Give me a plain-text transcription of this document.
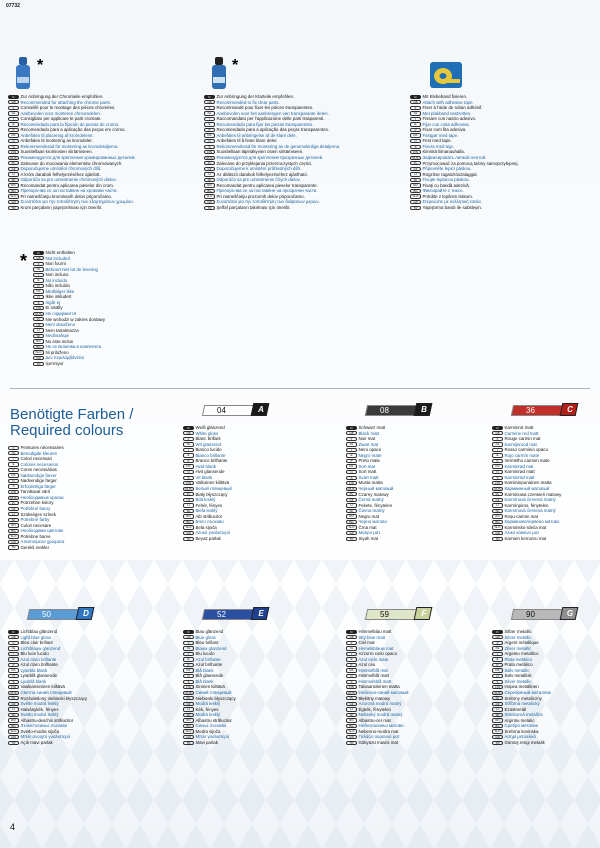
07732
*
D	Zur Anbringung der Chromteile empfohlen.
GB	Recommended for attaching the chrome parts.
F	Conseillé pour le montage des pièces chromées.
NL	Aanbevolen voor monteren chroomdelen.
I	Consigliato per applicare le parti cromate.
E	Recomendado para la fijación de piezas de cromo.
P	Recomendado para a aplicação das peças em cromo.
DK	Anbefales til placering af kromdelene.
N	Anbefales til montering av kromdeler.
S	Rekommenderad för montering av kromdetaljerna.
FIN	Suositellaan kromiosien siirtämiseen.
RUS Рекомендуется для крепления хромированных деталей.
PL	Zalecane do mocowania elementów chromowanych.
CZ	Doporučujeme umístění chromových dílů.
H	A króm darabok felhelyezéséhez ajánlott.
SK	Odporúča sa pre umiestnenie chrómových dielov.
RO	Recomandat pentru aplicarea pieselor din crom.
BG	Препоръчва се за поставяне на хромови части.
SLO Pri nameščanju krominanih delov priporočamo.
GR	Συνιστάται για την τοποθέτηση των εξαρτημάτων χρωμίου.
TR	Krom parçaların yapıştırılması için önerilir.
*
D	Zur Anbringung der Klarteile empfohlen.
GB	Recommended to fix clear parts.
F	Recommandé pour fixer les pièces transparentes.
NL	Aanbevolen voor het aanbrengen van transparante delen.
I	Raccomandato per l'applicazione delle parti trasparenti.
E	Recomendado para fijar las piezas transparentes.
P	Recomendado para a aplicação das peças transparentes.
DK	Anbefales til anbringelse af de klare dele.
N	Anbefales til å feste klare deler.
S	Rekommenderad för montering av de genomskinliga detaljerna.
FIN	Suositellaan läpinäkyvien osien siirtämiseen.
RUS Рекомендуется для крепления прозрачных деталей.
PL	Zalecane do przyklejania przezroczystych części.
CZ	Doporučujeme k umístění průhledných dílů.
H	Az átlátszó darabok felhelyezéséhez ajánlható.
SK	Odporúča sa pre umiestnenie čírych dielov.
RO	Recomandat pentru aplicarea pieselor transparente.
BG	Препоръчва се за поставяне на прозрачни части.
SLO Pri nameščanju prozornih delov priporočamo.
GR	Συνιστάται για την τοποθέτηση των διάφανων μερών.
TR	Şeffaf parçaların takılması için önerilir.
D	Mit Klebeband fixieren.
GB	Attach with adhesive tape.
F	Fixer à l'aide de ruban adhésif.
NL	Met plakband vastzetten.
I	Fissare con nastro adesivo.
E	Fijar con cinta adhesiva.
P	Fixar com fita adesiva.
DK	Fastgør med tape.
N	Fest med tape.
S	Fixera med tejp.
FIN	Kiinnitä liimanauhalla.
RUS Зафиксировать липкой лентой.
PL	Przymocować za pomocą taśmy samoprzylepnej.
CZ	Připevněte lepicí páskou.
H	Rögzítse ragasztószalaggal.
SK	Fixujte lepiacou páskou.
RO	Fixați cu bandă adezivă.
BG	Фиксирайте с тиксо.
SLO Pritrdite z lepilnim trakom.
GR	Στερεώστε με κολλητική ταινία.
TR	Yapıştırma bandı ile sabitleyin.
*	D	Nicht enthalten
GB	Not included
F	Non fourni
NL	Behoort niet tot de levering
I	Non incluso
E	No incluido
P	Não incluído
DK	Medfølger ikke
N	Ikke inkludert
S	Ingår ej
FIN	Ei sisälly
RUS Не содержится
PL	Nie wchodzi w zakres dostawy
CZ	Není obsaženo
H	Nem tartalmazza
SK	Neobsahuje
RO	Nu este inclus
BG	Не се включва в комплекта
SLO Ni priloženo
GR	Δεν περιλαμβάνεται
TR	İçermiyor
Benötigte Farben /
Required colours
F	Peintures nécessaires
NL	Benodigde kleuren
I	Colori necessari
E	Colores necesarios
P	Cores necessárias
DK	Nødvendige farver
N	Nødvendige farger
S	Erforderliga färger
FIN	Tarvittavat värit
RUS Необходимые краски
PL	Potrzebne kolory
CZ	Potřebné barvy
H	Szükséges színek
SK	Potrebné farby
RO	Culori necesare
BG	Необходими цветове
SLO Potrebne barve
GR	Απαιτούμενα χρώματα
TR	Gerekli renkler
04	A
D	Weiß glänzend
GB	White gloss
F	Blanc brillant
NL	Wit glanzend
I	Bianco lucido
E	Blanco brillante
P	Branco brilhante
DK	Hvid blank
N	Hvit glansende
S	Vit blank
FIN	Valkoinen kiiltävä
RUS Белый глянцевый
PL	Biały błyszczący
CZ	Bílá lesklý
H	Fehér, fényes
SK	Biela lesklý
RO	Alb strălucitor
BG	Бяло лъскаво
SLO Bela sijoča
GR	Λευκό γυαλιστερό
TR	Beyaz parlak
08	B
D	Schwarz matt
GB	Black matt
F	Noir mat
NL	Zwart mat
I	Nero opaco
E	Negro mate
P	Preto mate
DK	Sort mat
N	Sort matt
S	Svart matt
FIN	Musta matta
RUS Черный матовый
PL	Czarny matowy
CZ	Černá matný
H	Fekete, fénytelen
SK	Čierna matný
RO	Negru mat
BG	Черно матово
SLO Črna mat
GR	Μαύρο ματ
TR	Siyah mat
36	C
D	Karminrot matt
GB	Carmine red matt
F	Rouge carmin mat
NL	Karmijnrood mat
I	Rosso carminio opaco
E	Rojo carmín mate
P	Vermelho carmim mate
DK	Karminrød mat
N	Karminrød matt
S	Karminröd matt
FIN	Kamiininpunainen matta
RUS Кармиинный матовый
PL	Karminowa czerwień matowy
CZ	Karmínová červená matný
H	Karmínpiros, fénytelen
SK	Karmínová červená matný
RO	Roșu-carmin mat
BG	Карминовочервено матово
SLO Karminsko-rdeča mat
GR	Άλικο κόκκινο ματ
TR	Karmen kırmızısı mat
50	D
D	Lichtblau glänzend
GB	Light blue gloss
F	Bleu clair brillant
NL	Lichtblauw glanzend
I	Blu luce lucido
E	Azul claro brillante
P	Azul claro brilhante
DK	Lysebla blank
N	Lyseblå glansende
S	Ljusblå blank
FIN	Vaaleansininen kiiltävä
RUS Светло-синий глянцевый
PL	Rozświetlony niebieski błyszczący
CZ	Světle modrá lesklý
H	Halványkék, fényes
SK	Svetlo modrá lesklý
RO	Albastru-deschis strălucitor
BG	Лъчистосиньо лъскаво
SLO Svetlo-modra sijoča
GR	Μπλε ανοιχτό γυαλιστερό
TR	Açık mavi parlak
52	E
D	Blau glänzend
GB	Blue gloss
F	Bleu brillant
NL	Blauw glanzend
I	Blu lucido
E	Azul brillante
P	Azul brilhante
DK	Blå blank
N	Blå glansende
S	Blå blank
FIN	Sininen kiiltävä
RUS Синий глянцевый
PL	Niebieski błyszczący
CZ	Modrá lesklý
H	Kék, fényes
SK	Modrá lesklý
RO	Albastru strălucitor
BG	Синьо лъскаво
SLO Modra sijoča
GR	Μπλε γυαλιστερό
TR	Mavi parlak
59	F
D	Himmelblau matt
GB	Sky blue matt
F	Ciel mat
NL	Hemelsblauw mat
I	Azzurro cielo opaco
E	Azul cielo mate
P	Azul céu
DK	Himmelblå mat
N	Himmelblå matt
S	Himmelsblå matt
FIN	Taivaansininen matta
RUS Небесно-синий матовый
PL	Błękitny matowy
CZ	Azurová modrá matný
H	Égkék, fénytelen
SK	Nebeský modrá matný
RO	Albastru-cer mat
BG	Небесносиньо матово
SLO Nebesno-modra mat
GR	Γαλάζιο ουρανού ματ
TR	Gökyüzü mavisi mat
90	G
D	Silber metallic
GB	Silver metallic
F	Argent métallique
NL	Zilver metallic
I	Argento metallico
E	Plata metálico
P	Prata metálico
DK	Sølv metallic
N	Sølv metallisk
S	Silver metallic
FIN	Hopea metallinen
RUS Серебряный металлик
PL	Srebrny metaliczny
CZ	Stříbrná metalický
H	Ezüstmetál
SK	Strieborná metalíza
RO	Argintiu metalic
BG	Сребро металик
SLO Srebrna kovinska
GR	Ασημί μεταλλικό
TR	Gümüş rengi metalik
4
